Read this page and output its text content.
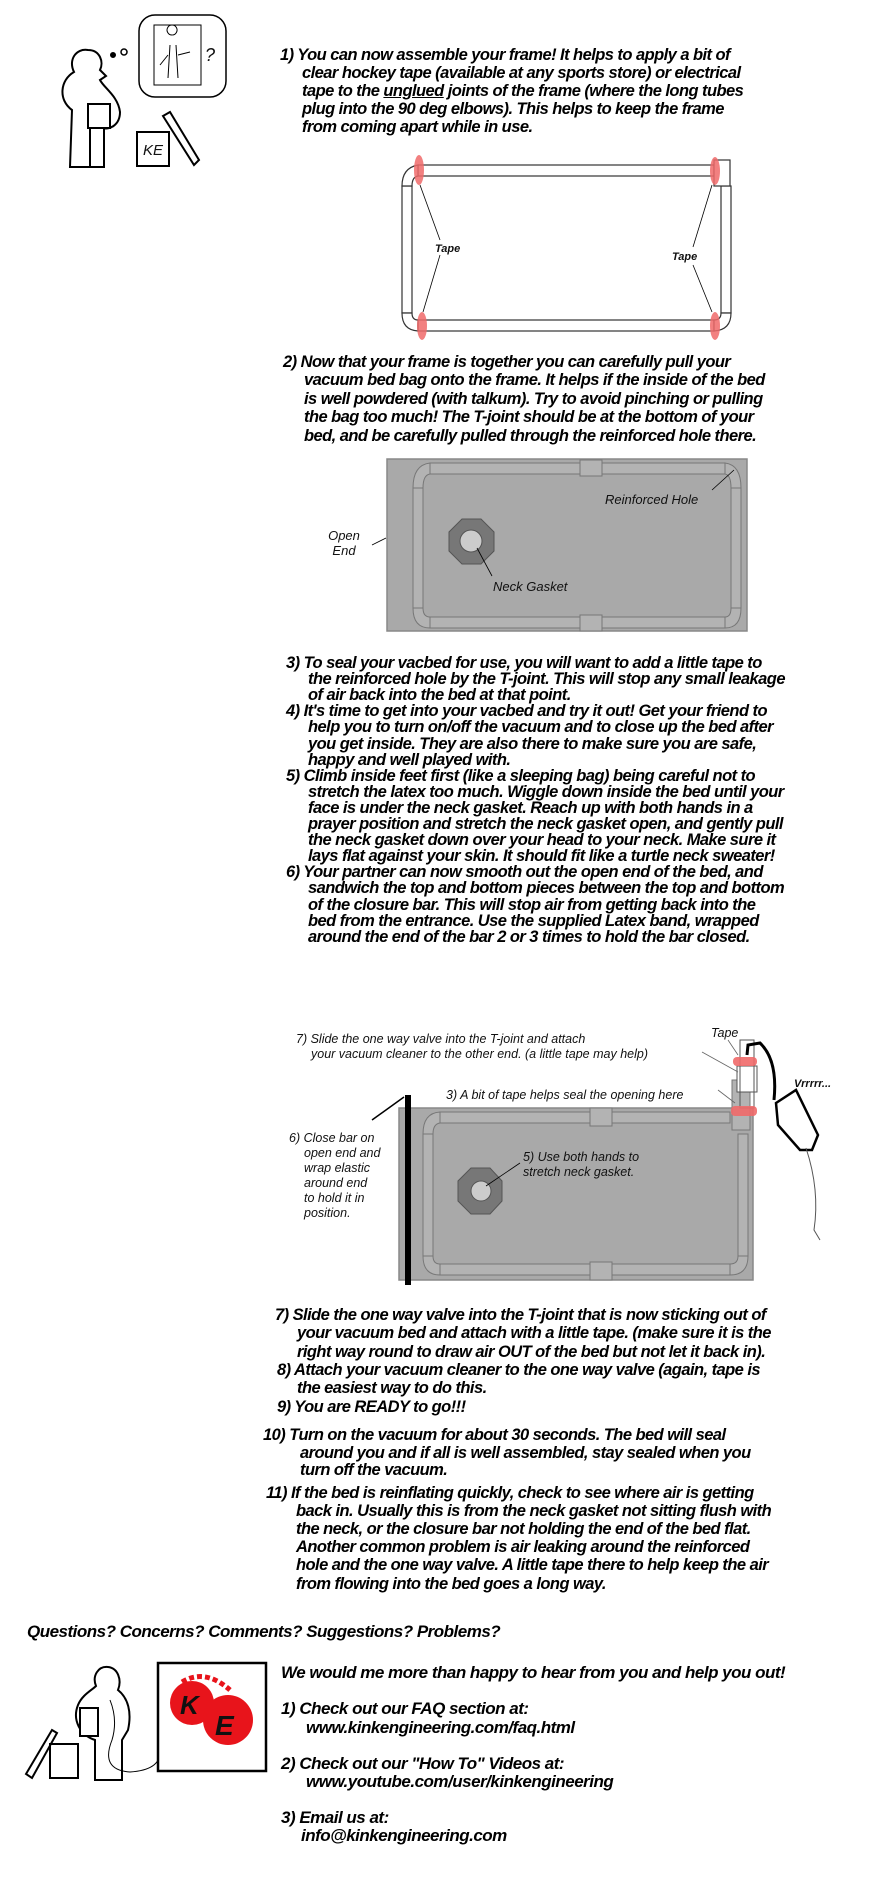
?
KE
Tape
Tape
Reinforced Hole
Neck Gasket
Open
End
7) Slide the one way valve into the T-joint and attach
your vacuum cleaner to the other end. (a little tape may help)
Tape
Vrrrrr...
3) A bit of tape helps seal the opening here
6) Close bar on
open end and
wrap elastic
around end
to hold it in
position.
5) Use both hands to
stretch neck gasket.
K
E
1) You can now assemble your frame! It helps to apply a bit of
clear hockey tape (available at any sports store) or electrical
tape to the unglued joints of the frame (where the long tubes
plug into the 90 deg elbows). This helps to keep the frame
from coming apart while in use.
2) Now that your frame is together you can carefully pull your
vacuum bed bag onto the frame. It helps if the inside of the bed
is well powdered (with talkum). Try to avoid pinching or pulling
the bag too much! The T-joint should be at the bottom of your
bed, and be carefully pulled through the reinforced hole there.
3) To seal your vacbed for use, you will want to add a little tape to
the reinforced hole by the T-joint. This will stop any small leakage
of air back into the bed at that point.
4) It's time to get into your vacbed and try it out! Get your friend to
help you to turn on/off the vacuum and to close up the bed after
you get inside. They are also there to make sure you are safe,
happy and well played with.
5) Climb inside feet first (like a sleeping bag) being careful not to
stretch the latex too much. Wiggle down inside the bed until your
face is under the neck gasket. Reach up with both hands in a
prayer position and stretch the neck gasket open, and gently pull
the neck gasket down over your head to your neck. Make sure it
lays flat against your skin. It should fit like a turtle neck sweater!
6) Your partner can now smooth out the open end of the bed, and
sandwich the top and bottom pieces between the top and bottom
of the closure bar. This will stop air from getting back into the
bed from the entrance. Use the supplied Latex band, wrapped
around the end of the bar 2 or 3 times to hold the bar closed.
7) Slide the one way valve into the T-joint that is now sticking out of
your vacuum bed and attach with a little tape. (make sure it is the
right way round to draw air OUT of the bed but not let it back in).
8) Attach your vacuum cleaner to the one way valve (again, tape is
the easiest way to do this.
9) You are READY to go!!!
10) Turn on the vacuum for about 30 seconds. The bed will seal
around you and if all is well assembled, stay sealed when you
turn off the vacuum.
11) If the bed is reinflating quickly, check to see where air is getting
back in. Usually this is from the neck gasket not sitting flush with
the neck, or the closure bar not holding the end of the bed flat.
Another common problem is air leaking around the reinforced
hole and the one way valve. A little tape there to help keep the air
from flowing into the bed goes a long way.
Questions? Concerns? Comments? Suggestions? Problems?
We would me more than happy to hear from you and help you out!
1) Check out our FAQ section at:
www.kinkengineering.com/faq.html
2) Check out our "How To" Videos at:
www.youtube.com/user/kinkengineering
3) Email us at:
info@kinkengineering.com
